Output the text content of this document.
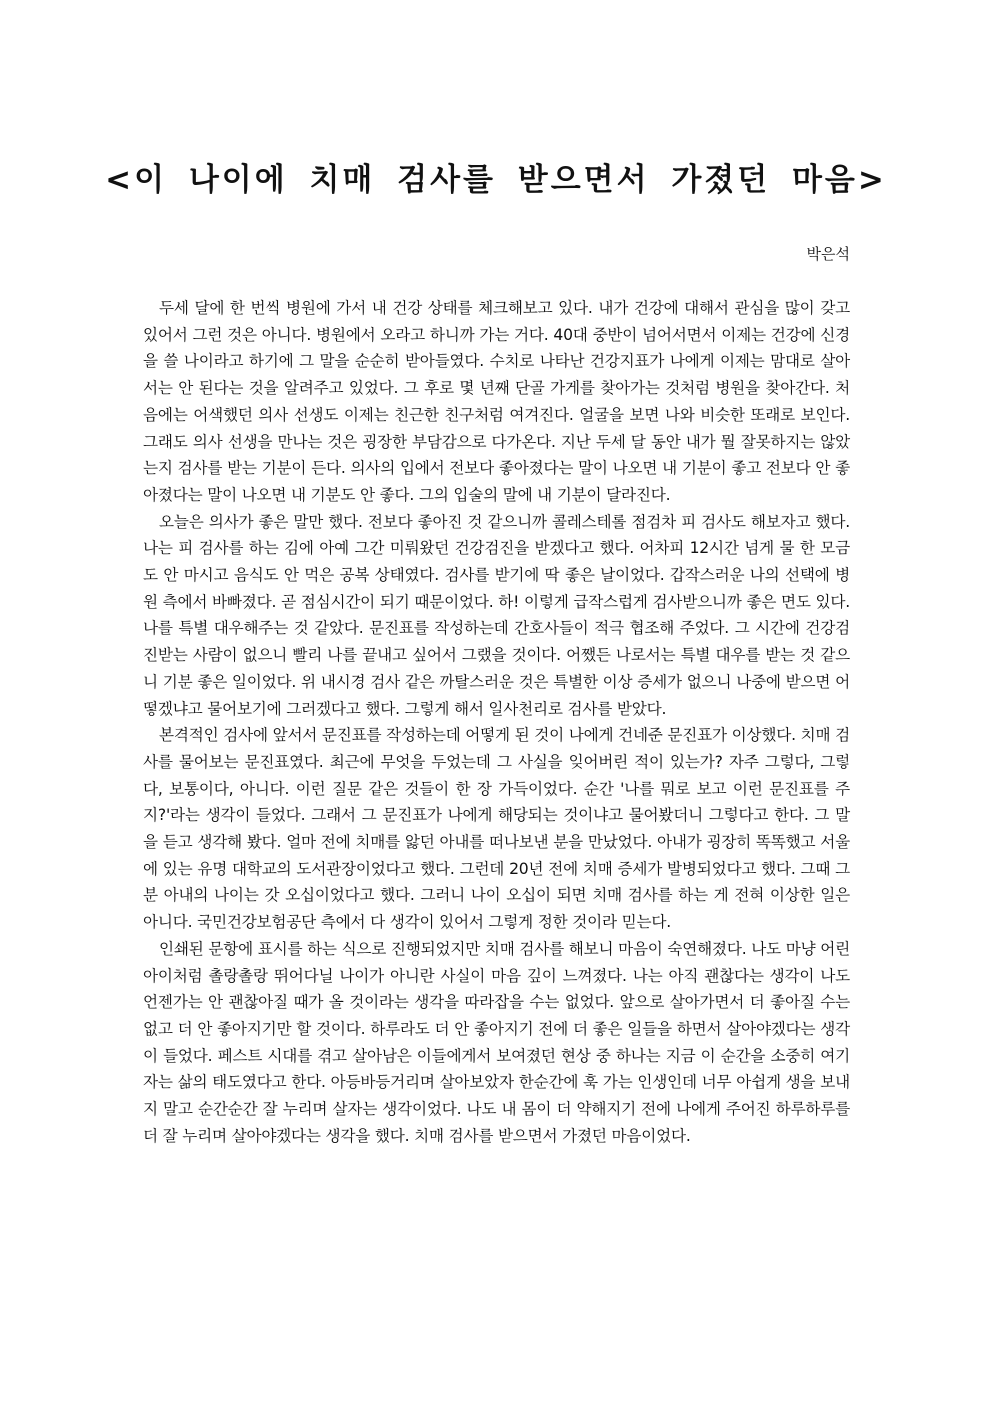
<이 나이에 치매 검사를 받으면서 가졌던 마음>

박은석

두세 달에 한 번씩 병원에 가서 내 건강 상태를 체크해보고 있다. 내가 건강에 대해서 관심을 많이 갖고 있어서 그런 것은 아니다. 병원에서 오라고 하니까 가는 거다. 40대 중반이 넘어서면서 이제는 건강에 신경을 쓸 나이라고 하기에 그 말을 순순히 받아들였다. 수치로 나타난 건강지표가 나에게 이제는 맘대로 살아서는 안 된다는 것을 알려주고 있었다. 그 후로 몇 년째 단골 가게를 찾아가는 것처럼 병원을 찾아간다. 처음에는 어색했던 의사 선생도 이제는 친근한 친구처럼 여겨진다. 얼굴을 보면 나와 비슷한 또래로 보인다. 그래도 의사 선생을 만나는 것은 굉장한 부담감으로 다가온다. 지난 두세 달 동안 내가 뭘 잘못하지는 않았는지 검사를 받는 기분이 든다. 의사의 입에서 전보다 좋아졌다는 말이 나오면 내 기분이 좋고 전보다 안 좋아졌다는 말이 나오면 내 기분도 안 좋다. 그의 입술의 말에 내 기분이 달라진다.

오늘은 의사가 좋은 말만 했다. 전보다 좋아진 것 같으니까 콜레스테롤 점검차 피 검사도 해보자고 했다. 나는 피 검사를 하는 김에 아예 그간 미뤄왔던 건강검진을 받겠다고 했다. 어차피 12시간 넘게 물 한 모금도 안 마시고 음식도 안 먹은 공복 상태였다. 검사를 받기에 딱 좋은 날이었다. 갑작스러운 나의 선택에 병원 측에서 바빠졌다. 곧 점심시간이 되기 때문이었다. 하! 이렇게 급작스럽게 검사받으니까 좋은 면도 있다. 나를 특별 대우해주는 것 같았다. 문진표를 작성하는데 간호사들이 적극 협조해 주었다. 그 시간에 건강검진받는 사람이 없으니 빨리 나를 끝내고 싶어서 그랬을 것이다. 어쨌든 나로서는 특별 대우를 받는 것 같으니 기분 좋은 일이었다. 위 내시경 검사 같은 까탈스러운 것은 특별한 이상 증세가 없으니 나중에 받으면 어떻겠냐고 물어보기에 그러겠다고 했다. 그렇게 해서 일사천리로 검사를 받았다.

본격적인 검사에 앞서서 문진표를 작성하는데 어떻게 된 것이 나에게 건네준 문진표가 이상했다. 치매 검사를 물어보는 문진표였다. 최근에 무엇을 두었는데 그 사실을 잊어버린 적이 있는가? 자주 그렇다, 그렇다, 보통이다, 아니다. 이런 질문 같은 것들이 한 장 가득이었다. 순간 '나를 뭐로 보고 이런 문진표를 주지?'라는 생각이 들었다. 그래서 그 문진표가 나에게 해당되는 것이냐고 물어봤더니 그렇다고 한다. 그 말을 듣고 생각해 봤다. 얼마 전에 치매를 앓던 아내를 떠나보낸 분을 만났었다. 아내가 굉장히 똑똑했고 서울에 있는 유명 대학교의 도서관장이었다고 했다. 그런데 20년 전에 치매 증세가 발병되었다고 했다. 그때 그분 아내의 나이는 갓 오십이었다고 했다. 그러니 나이 오십이 되면 치매 검사를 하는 게 전혀 이상한 일은 아니다. 국민건강보험공단 측에서 다 생각이 있어서 그렇게 정한 것이라 믿는다.

인쇄된 문항에 표시를 하는 식으로 진행되었지만 치매 검사를 해보니 마음이 숙연해졌다. 나도 마냥 어린아이처럼 촐랑촐랑 뛰어다닐 나이가 아니란 사실이 마음 깊이 느껴졌다. 나는 아직 괜찮다는 생각이 나도 언젠가는 안 괜찮아질 때가 올 것이라는 생각을 따라잡을 수는 없었다. 앞으로 살아가면서 더 좋아질 수는 없고 더 안 좋아지기만 할 것이다. 하루라도 더 안 좋아지기 전에 더 좋은 일들을 하면서 살아야겠다는 생각이 들었다. 페스트 시대를 겪고 살아남은 이들에게서 보여졌던 현상 중 하나는 지금 이 순간을 소중히 여기자는 삶의 태도였다고 한다. 아등바등거리며 살아보았자 한순간에 훅 가는 인생인데 너무 아쉽게 생을 보내지 말고 순간순간 잘 누리며 살자는 생각이었다. 나도 내 몸이 더 약해지기 전에 나에게 주어진 하루하루를 더 잘 누리며 살아야겠다는 생각을 했다. 치매 검사를 받으면서 가졌던 마음이었다.
